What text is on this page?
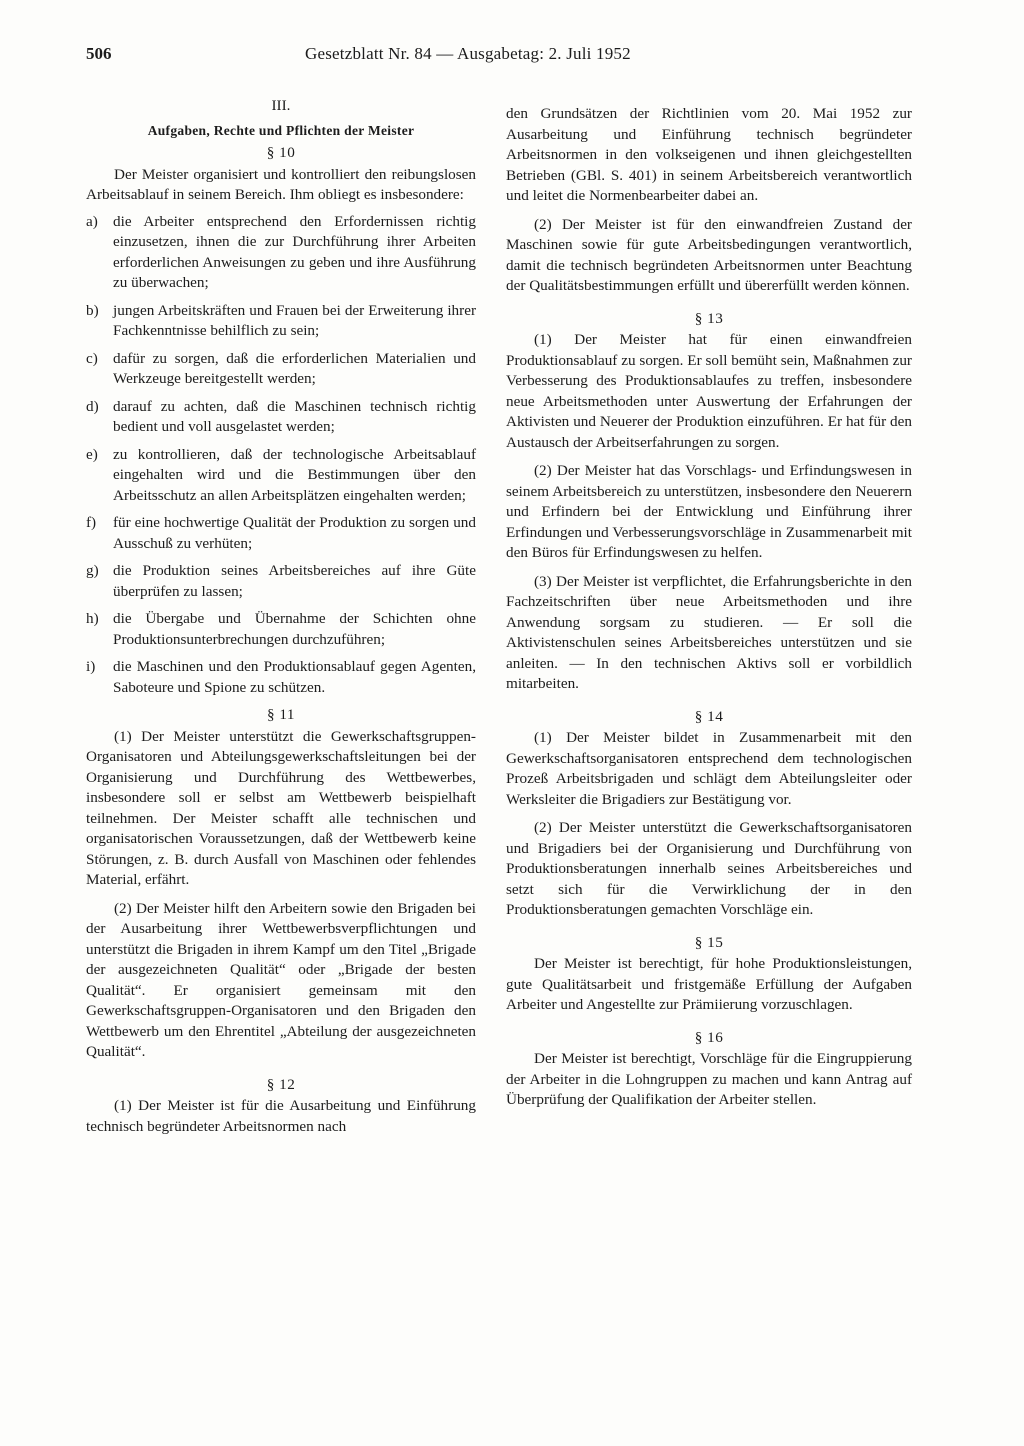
506	Gesetzblatt Nr. 84 — Ausgabetag: 2. Juli 1952
III.
Aufgaben, Rechte und Pflichten der Meister
§ 10

Der Meister organisiert und kontrolliert den reibungslosen Arbeitsablauf in seinem Bereich. Ihm obliegt es insbesondere:

a) die Arbeiter entsprechend den Erfordernissen richtig einzusetzen, ihnen die zur Durchführung ihrer Arbeiten erforderlichen Anweisungen zu geben und ihre Ausführung zu überwachen;
b) jungen Arbeitskräften und Frauen bei der Erweiterung ihrer Fachkenntnisse behilflich zu sein;
c) dafür zu sorgen, daß die erforderlichen Materialien und Werkzeuge bereitgestellt werden;
d) darauf zu achten, daß die Maschinen technisch richtig bedient und voll ausgelastet werden;
e) zu kontrollieren, daß der technologische Arbeitsablauf eingehalten wird und die Bestimmungen über den Arbeitsschutz an allen Arbeitsplätzen eingehalten werden;
f) für eine hochwertige Qualität der Produktion zu sorgen und Ausschuß zu verhüten;
g) die Produktion seines Arbeitsbereiches auf ihre Güte überprüfen zu lassen;
h) die Übergabe und Übernahme der Schichten ohne Produktionsunterbrechungen durchzuführen;
i) die Maschinen und den Produktionsablauf gegen Agenten, Saboteure und Spione zu schützen.
§ 11

(1) Der Meister unterstützt die Gewerkschaftsgruppen-Organisatoren und Abteilungsgewerkschaftsleitungen bei der Organisierung und Durchführung des Wettbewerbes, insbesondere soll er selbst am Wettbewerb beispielhaft teilnehmen. Der Meister schafft alle technischen und organisatorischen Voraussetzungen, daß der Wettbewerb keine Störungen, z. B. durch Ausfall von Maschinen oder fehlendes Material, erfährt.

(2) Der Meister hilft den Arbeitern sowie den Brigaden bei der Ausarbeitung ihrer Wettbewerbsverpflichtungen und unterstützt die Brigaden in ihrem Kampf um den Titel „Brigade der ausgezeichneten Qualität“ oder „Brigade der besten Qualität“. Er organisiert gemeinsam mit den Gewerkschaftsgruppen-Organisatoren und den Brigaden den Wettbewerb um den Ehrentitel „Abteilung der ausgezeichneten Qualität“.

§ 12

(1) Der Meister ist für die Ausarbeitung und Einführung technisch begründeter Arbeitsnormen nach

den Grundsätzen der Richtlinien vom 20. Mai 1952 zur Ausarbeitung und Einführung technisch begründeter Arbeitsnormen in den volkseigenen und ihnen gleichgestellten Betrieben (GBl. S. 401) in seinem Arbeitsbereich verantwortlich und leitet die Normenbearbeiter dabei an.

(2) Der Meister ist für den einwandfreien Zustand der Maschinen sowie für gute Arbeitsbedingungen verantwortlich, damit die technisch begründeten Arbeitsnormen unter Beachtung der Qualitätsbestimmungen erfüllt und übererfüllt werden können.

§ 13

(1) Der Meister hat für einen einwandfreien Produktionsablauf zu sorgen. Er soll bemüht sein, Maßnahmen zur Verbesserung des Produktionsablaufes zu treffen, insbesondere neue Arbeitsmethoden unter Auswertung der Erfahrungen der Aktivisten und Neuerer der Produktion einzuführen. Er hat für den Austausch der Arbeitserfahrungen zu sorgen.

(2) Der Meister hat das Vorschlags- und Erfindungswesen in seinem Arbeitsbereich zu unterstützen, insbesondere den Neuerern und Erfindern bei der Entwicklung und Einführung ihrer Erfindungen und Verbesserungsvorschläge in Zusammenarbeit mit den Büros für Erfindungswesen zu helfen.

(3) Der Meister ist verpflichtet, die Erfahrungsberichte in den Fachzeitschriften über neue Arbeitsmethoden und ihre Anwendung sorgsam zu studieren. — Er soll die Aktivistenschulen seines Arbeitsbereiches unterstützen und sie anleiten. — In den technischen Aktivs soll er vorbildlich mitarbeiten.

§ 14

(1) Der Meister bildet in Zusammenarbeit mit den Gewerkschaftsorganisatoren entsprechend dem technologischen Prozeß Arbeitsbrigaden und schlägt dem Abteilungsleiter oder Werksleiter die Brigadiers zur Bestätigung vor.

(2) Der Meister unterstützt die Gewerkschaftsorganisatoren und Brigadiers bei der Organisierung und Durchführung von Produktionsberatungen innerhalb seines Arbeitsbereiches und setzt sich für die Verwirklichung der in den Produktionsberatungen gemachten Vorschläge ein.

§ 15

Der Meister ist berechtigt, für hohe Produktionsleistungen, gute Qualitätsarbeit und fristgemäße Erfüllung der Aufgaben Arbeiter und Angestellte zur Prämiierung vorzuschlagen.

§ 16

Der Meister ist berechtigt, Vorschläge für die Eingruppierung der Arbeiter in die Lohngruppen zu machen und kann Antrag auf Überprüfung der Qualifikation der Arbeiter stellen.
